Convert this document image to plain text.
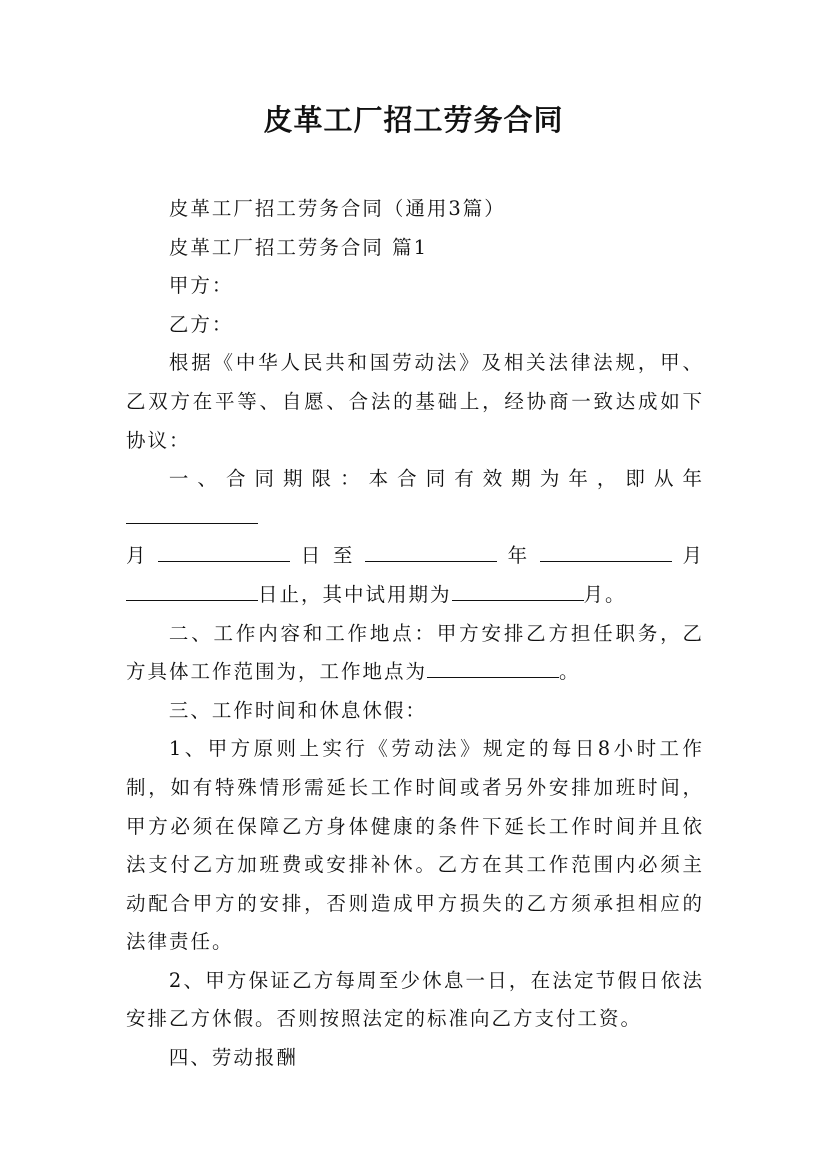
皮革工厂招工劳务合同

皮革工厂招工劳务合同（通用3篇）

皮革工厂招工劳务合同 篇1

甲方：

乙方：

根据《中华人民共和国劳动法》及相关法律法规，甲、乙双方在平等、自愿、合法的基础上，经协商一致达成如下协议：

一、合同期限：本合同有效期为年，即从年

月	日 至	年	月

日止，其中试用期为	月。

二、工作内容和工作地点：甲方安排乙方担任职务，乙方具体工作范围为，工作地点为	。

三、工作时间和休息休假：

1、甲方原则上实行《劳动法》规定的每日8小时工作制，如有特殊情形需延长工作时间或者另外安排加班时间，甲方必须在保障乙方身体健康的条件下延长工作时间并且依法支付乙方加班费或安排补休。乙方在其工作范围内必须主动配合甲方的安排，否则造成甲方损失的乙方须承担相应的法律责任。

2、甲方保证乙方每周至少休息一日，在法定节假日依法安排乙方休假。否则按照法定的标准向乙方支付工资。

四、劳动报酬
